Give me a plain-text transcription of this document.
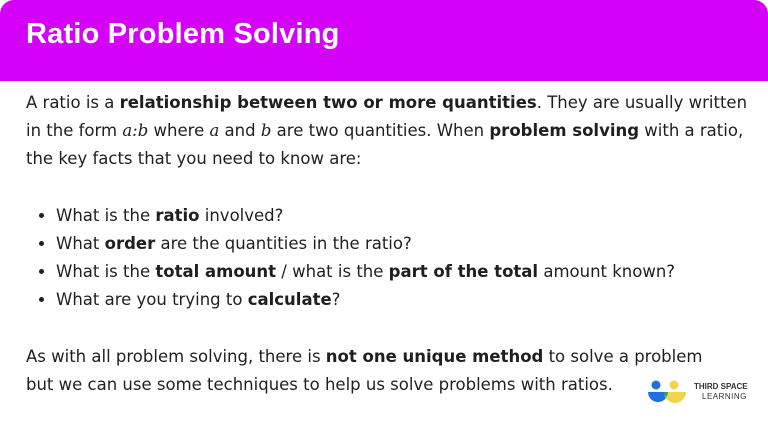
Ratio Problem Solving

A ratio is a relationship between two or more quantities. They are usually written in the form a:b where a and b are two quantities. When problem solving with a ratio, the key facts that you need to know are:

• What is the ratio involved?
• What order are the quantities in the ratio?
• What is the total amount / what is the part of the total amount known?
• What are you trying to calculate?

As with all problem solving, there is not one unique method to solve a problem but we can use some techniques to help us solve problems with ratios.	THIRD SPACE
LEARNING
